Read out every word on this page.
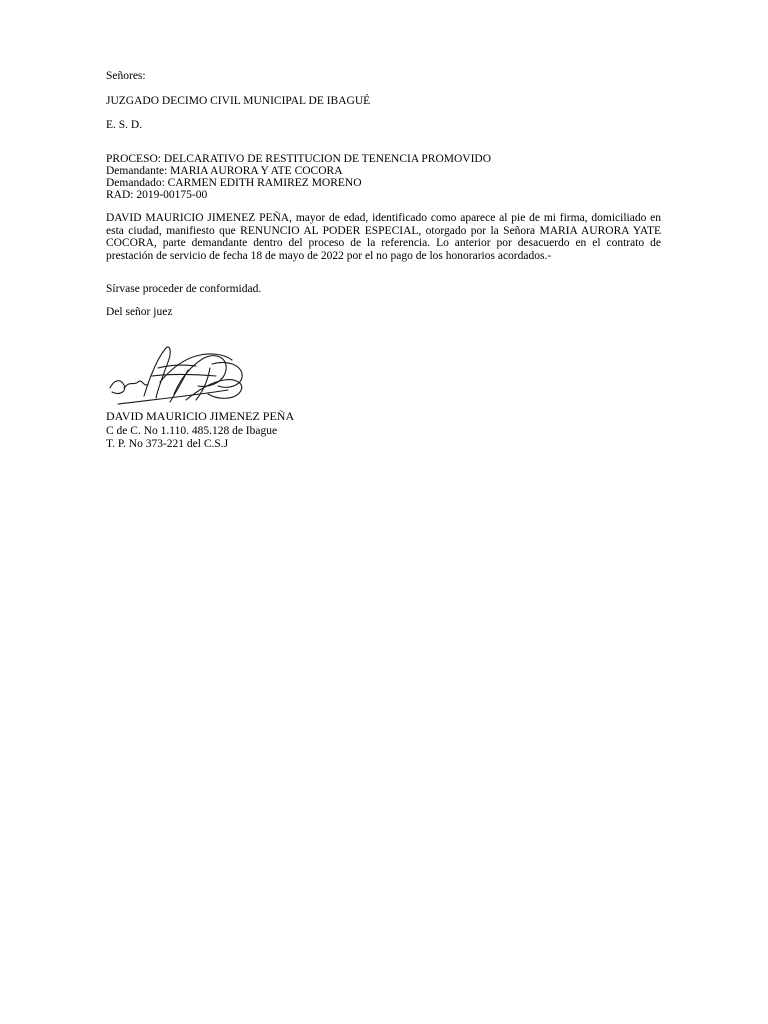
Señores:
JUZGADO DECIMO CIVIL MUNICIPAL DE IBAGUÉ
E. S. D.
PROCESO: DELCARATIVO DE RESTITUCION DE TENENCIA PROMOVIDO
Demandante: MARIA AURORA Y ATE COCORA
Demandado: CARMEN EDITH RAMIREZ MORENO
RAD: 2019-00175-00
DAVID MAURICIO JIMENEZ PEÑA, mayor de edad, identificado como aparece al pie de mi firma, domiciliado en esta ciudad, manifiesto que RENUNCIO AL PODER ESPECIAL, otorgado por la Señora MARIA AURORA YATE COCORA, parte demandante dentro del proceso de la referencia. Lo anterior por desacuerdo en el contrato de prestación de servicio de fecha 18 de mayo de 2022 por el no pago de los honorarios acordados.-
Sírvase proceder de conformidad.
Del señor juez
DAVID MAURICIO JIMENEZ PEÑA
C de C. No 1.110. 485.128 de Ibague
T. P. No 373-221 del C.S.J
